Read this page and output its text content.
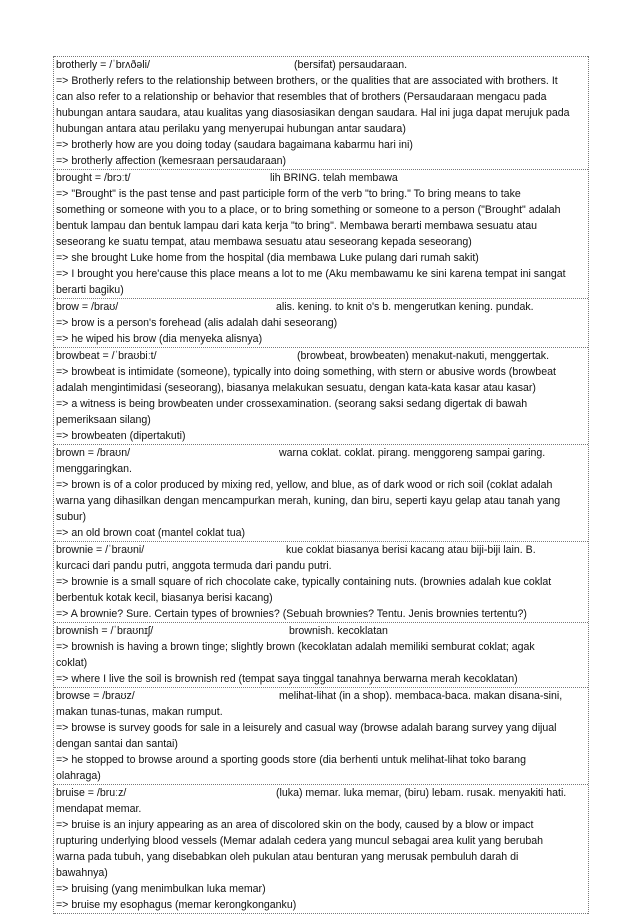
brotherly = /ˈbrʌðəli/	(bersifat) persaudaraan.
=> Brotherly refers to the relationship between brothers, or the qualities that are associated with brothers. It
can also refer to a relationship or behavior that resembles that of brothers (Persaudaraan mengacu pada
hubungan antara saudara, atau kualitas yang diasosiasikan dengan saudara. Hal ini juga dapat merujuk pada
hubungan antara atau perilaku yang menyerupai hubungan antar saudara)
=> brotherly how are you doing today (saudara bagaimana kabarmu hari ini)
=> brotherly affection (kemesraan persaudaraan)
brought = /brɔːt/	lih BRING. telah membawa
=> "Brought" is the past tense and past participle form of the verb "to bring." To bring means to take
something or someone with you to a place, or to bring something or someone to a person ("Brought" adalah
bentuk lampau dan bentuk lampau dari kata kerja "to bring". Membawa berarti membawa sesuatu atau
seseorang ke suatu tempat, atau membawa sesuatu atau seseorang kepada seseorang)
=> she brought Luke home from the hospital (dia membawa Luke pulang dari rumah sakit)
=> I brought you here'cause this place means a lot to me (Aku membawamu ke sini karena tempat ini sangat
berarti bagiku)
brow = /braʊ/	alis. kening. to knit o's b. mengerutkan kening. pundak.
=> brow is a person's forehead (alis adalah dahi seseorang)
=> he wiped his brow (dia menyeka alisnya)
browbeat = /ˈbraʊbiːt/	(browbeat, browbeaten) menakut-nakuti, menggertak.
=> browbeat is intimidate (someone), typically into doing something, with stern or abusive words (browbeat
adalah mengintimidasi (seseorang), biasanya melakukan sesuatu, dengan kata-kata kasar atau kasar)
=> a witness is being browbeaten under crossexamination. (seorang saksi sedang digertak di bawah
pemeriksaan silang)
=> browbeaten (dipertakuti)
brown = /braʊn/	warna coklat. coklat. pirang. menggoreng sampai garing.
menggaringkan.
=> brown is of a color produced by mixing red, yellow, and blue, as of dark wood or rich soil (coklat adalah
warna yang dihasilkan dengan mencampurkan merah, kuning, dan biru, seperti kayu gelap atau tanah yang
subur)
=> an old brown coat (mantel coklat tua)
brownie = /ˈbraʊni/	kue coklat biasanya berisi kacang atau biji-biji lain. B.
kurcaci dari pandu putri, anggota termuda dari pandu putri.
=> brownie is a small square of rich chocolate cake, typically containing nuts. (brownies adalah kue coklat
berbentuk kotak kecil, biasanya berisi kacang)
=> A brownie? Sure. Certain types of brownies? (Sebuah brownies? Tentu. Jenis brownies tertentu?)
brownish = /ˈbraʊnɪʃ/	brownish. kecoklatan
=> brownish is having a brown tinge; slightly brown (kecoklatan adalah memiliki semburat coklat; agak
coklat)
=> where I live the soil is brownish red (tempat saya tinggal tanahnya berwarna merah kecoklatan)
browse = /braʊz/	melihat-lihat (in a shop). membaca-baca. makan disana-sini,
makan tunas-tunas, makan rumput.
=> browse is survey goods for sale in a leisurely and casual way (browse adalah barang survey yang dijual
dengan santai dan santai)
=> he stopped to browse around a sporting goods store (dia berhenti untuk melihat-lihat toko barang
olahraga)
bruise = /bruːz/	(luka) memar. luka memar, (biru) lebam. rusak. menyakiti hati.
mendapat memar.
=> bruise is an injury appearing as an area of discolored skin on the body, caused by a blow or impact
rupturing underlying blood vessels (Memar adalah cedera yang muncul sebagai area kulit yang berubah
warna pada tubuh, yang disebabkan oleh pukulan atau benturan yang merusak pembuluh darah di
bawahnya)
=> bruising (yang menimbulkan luka memar)
=> bruise my esophagus (memar kerongkonganku)
